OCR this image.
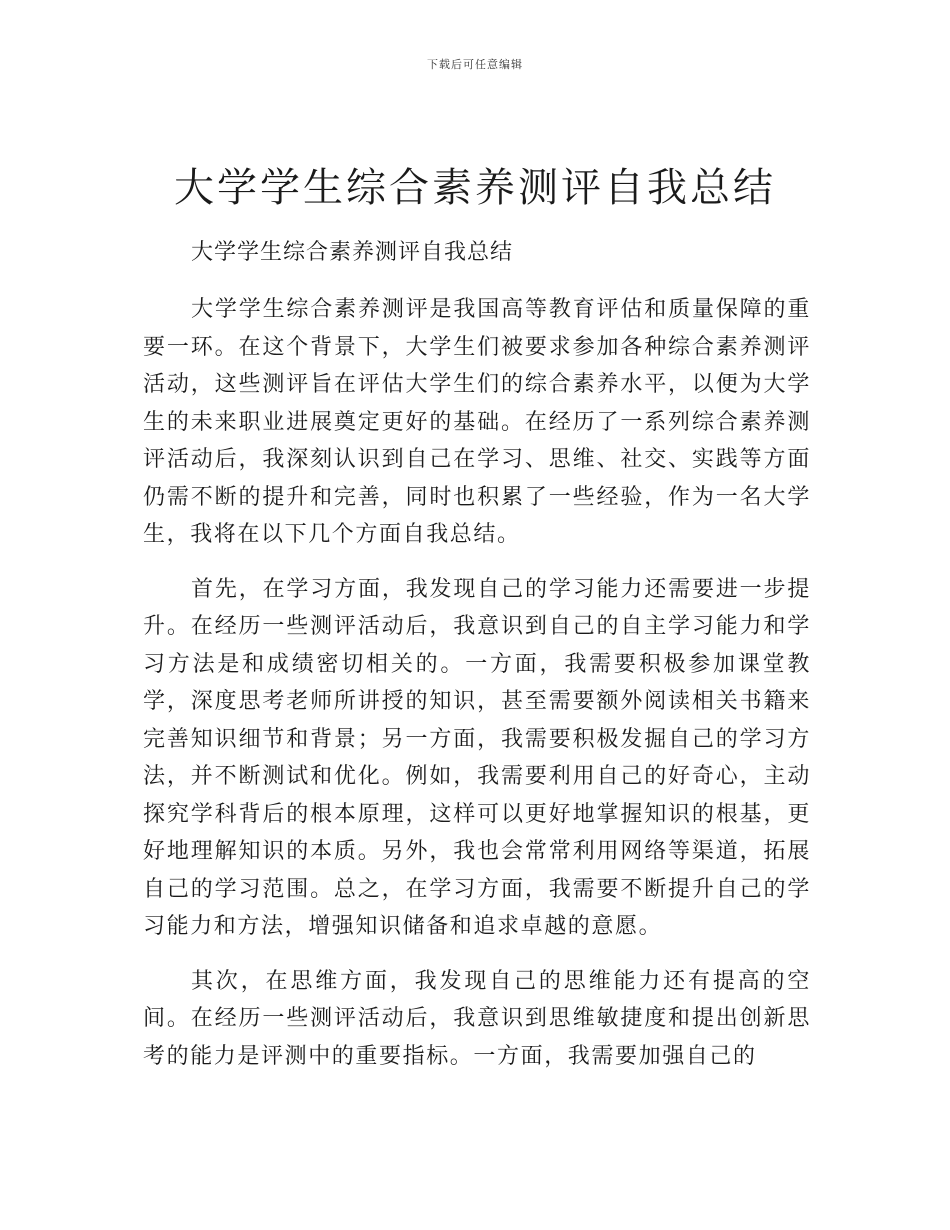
下载后可任意编辑
大学学生综合素养测评自我总结

大学学生综合素养测评自我总结

大学学生综合素养测评是我国高等教育评估和质量保障的重要一环。在这个背景下，大学生们被要求参加各种综合素养测评活动，这些测评旨在评估大学生们的综合素养水平，以便为大学生的未来职业进展奠定更好的基础。在经历了一系列综合素养测评活动后，我深刻认识到自己在学习、思维、社交、实践等方面仍需不断的提升和完善，同时也积累了一些经验，作为一名大学生，我将在以下几个方面自我总结。

首先，在学习方面，我发现自己的学习能力还需要进一步提升。在经历一些测评活动后，我意识到自己的自主学习能力和学习方法是和成绩密切相关的。一方面，我需要积极参加课堂教学，深度思考老师所讲授的知识，甚至需要额外阅读相关书籍来完善知识细节和背景；另一方面，我需要积极发掘自己的学习方法，并不断测试和优化。例如，我需要利用自己的好奇心，主动探究学科背后的根本原理，这样可以更好地掌握知识的根基，更好地理解知识的本质。另外，我也会常常利用网络等渠道，拓展自己的学习范围。总之，在学习方面，我需要不断提升自己的学习能力和方法，增强知识储备和追求卓越的意愿。

其次，在思维方面，我发现自己的思维能力还有提高的空间。在经历一些测评活动后，我意识到思维敏捷度和提出创新思考的能力是评测中的重要指标。一方面，我需要加强自己的
